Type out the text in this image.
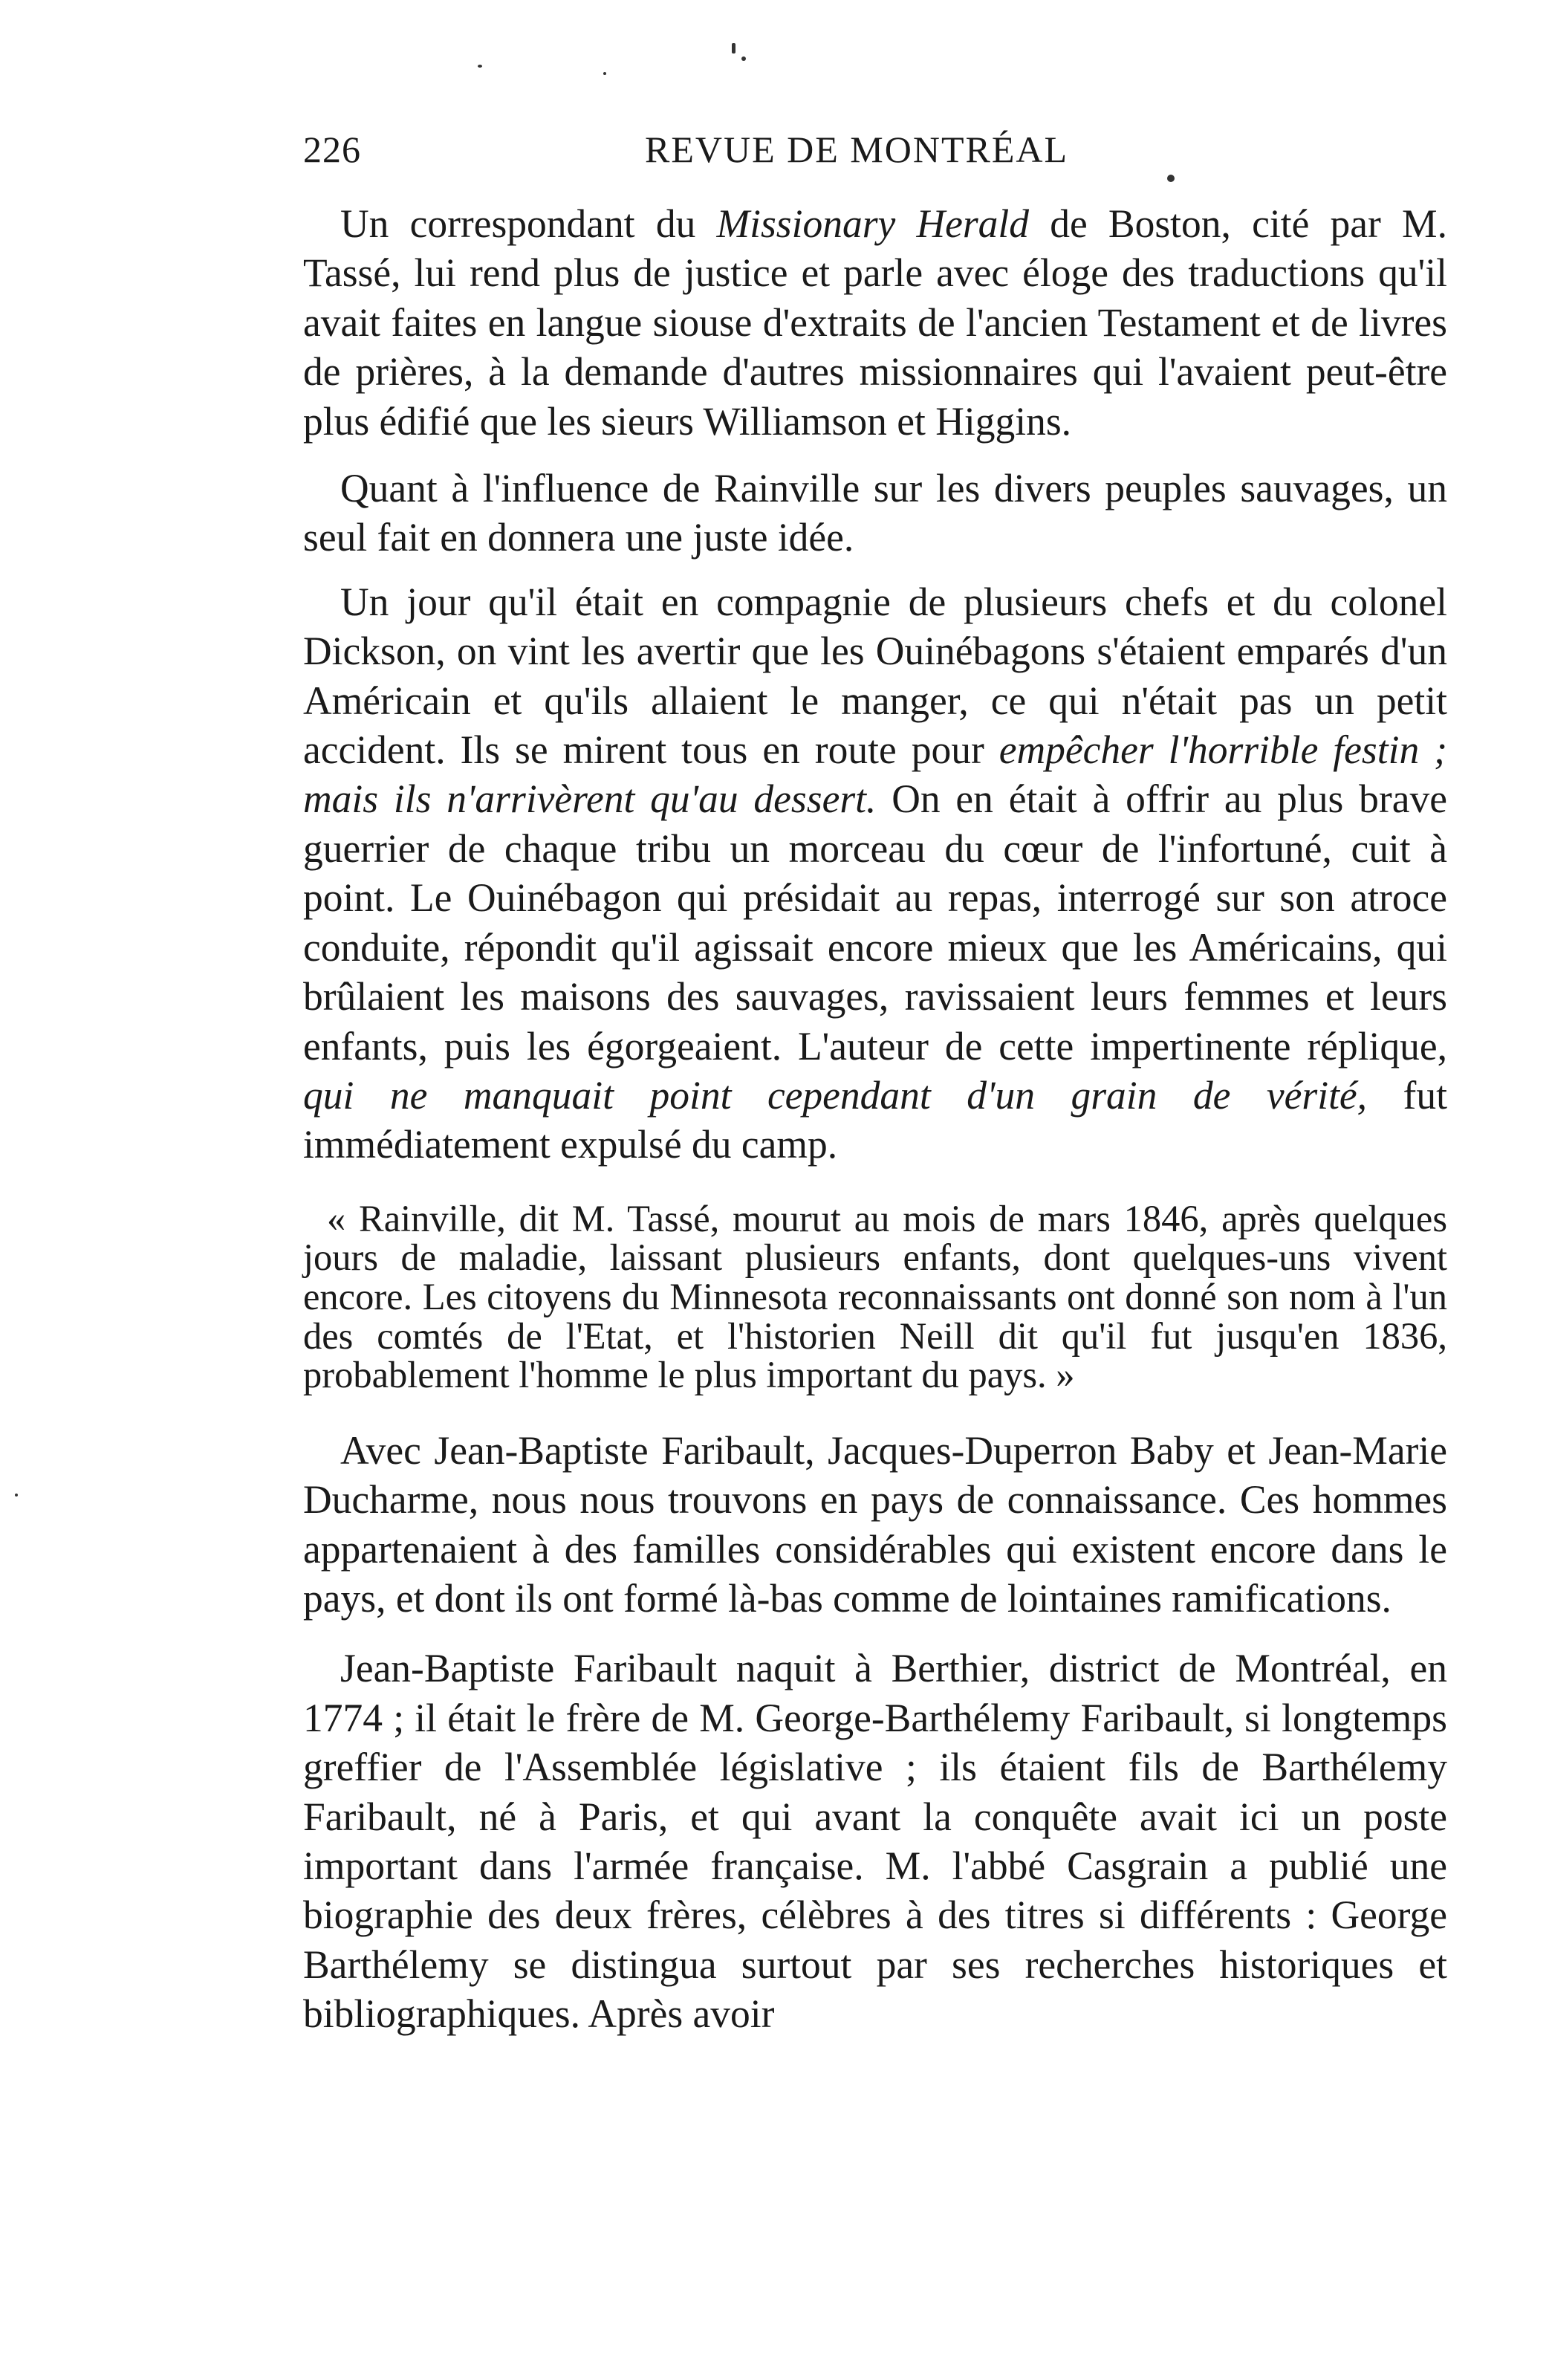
226	REVUE DE MONTRÉAL

Un correspondant du Missionary Herald de Boston, cité par M. Tassé, lui rend plus de justice et parle avec éloge des traductions qu'il avait faites en langue siouse d'extraits de l'ancien Testament et de livres de prières, à la demande d'autres missionnaires qui l'avaient peut-être plus édifié que les sieurs Williamson et Higgins.

Quant à l'influence de Rainville sur les divers peuples sauvages, un seul fait en donnera une juste idée.

Un jour qu'il était en compagnie de plusieurs chefs et du colonel Dickson, on vint les avertir que les Ouinébagons s'étaient emparés d'un Américain et qu'ils allaient le manger, ce qui n'était pas un petit accident. Ils se mirent tous en route pour empêcher l'horrible festin ; mais ils n'arrivèrent qu'au dessert. On en était à offrir au plus brave guerrier de chaque tribu un morceau du cœur de l'infortuné, cuit à point. Le Ouinébagon qui présidait au repas, interrogé sur son atroce conduite, répondit qu'il agissait encore mieux que les Américains, qui brûlaient les maisons des sauvages, ravissaient leurs femmes et leurs enfants, puis les égorgeaient. L'auteur de cette impertinente réplique, qui ne manquait point cependant d'un grain de vérité, fut immédiatement expulsé du camp.

« Rainville, dit M. Tassé, mourut au mois de mars 1846, après quelques jours de maladie, laissant plusieurs enfants, dont quelques-uns vivent encore. Les citoyens du Minnesota reconnaissants ont donné son nom à l'un des comtés de l'Etat, et l'historien Neill dit qu'il fut jusqu'en 1836, probablement l'homme le plus important du pays. »

Avec Jean-Baptiste Faribault, Jacques-Duperron Baby et Jean-Marie Ducharme, nous nous trouvons en pays de connaissance. Ces hommes appartenaient à des familles considérables qui existent encore dans le pays, et dont ils ont formé là-bas comme de lointaines ramifications.

Jean-Baptiste Faribault naquit à Berthier, district de Montréal, en 1774 ; il était le frère de M. George-Barthélemy Faribault, si longtemps greffier de l'Assemblée législative ; ils étaient fils de Barthélemy Faribault, né à Paris, et qui avant la conquête avait ici un poste important dans l'armée française. M. l'abbé Casgrain a publié une biographie des deux frères, célèbres à des titres si différents : George Barthélemy se distingua surtout par ses recherches historiques et bibliographiques. Après avoir
